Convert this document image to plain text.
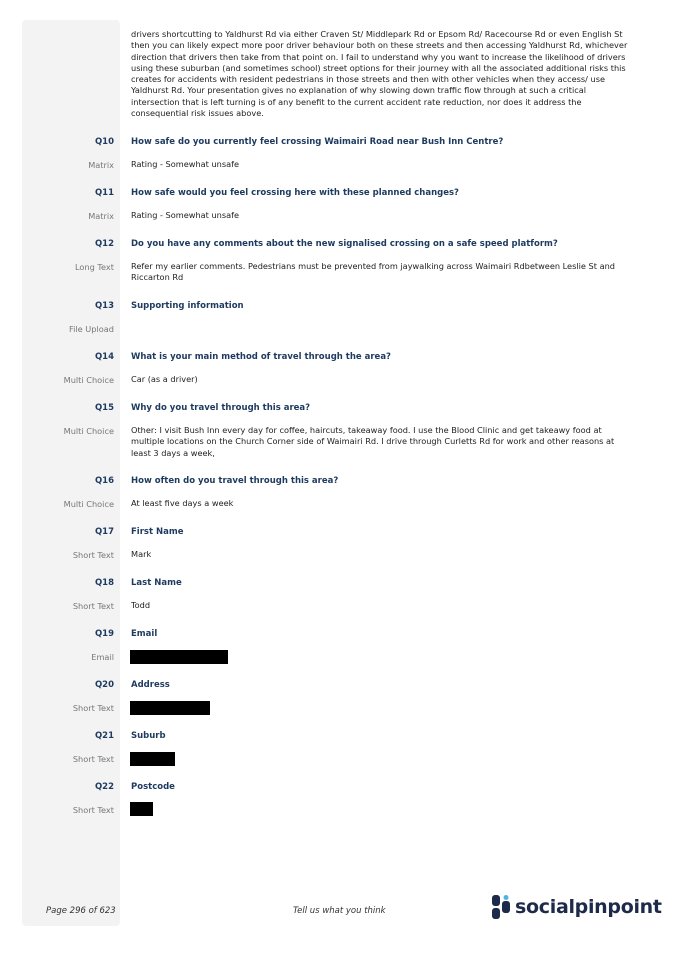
drivers shortcutting to Yaldhurst Rd via either Craven St/ Middlepark Rd or Epsom Rd/ Racecourse Rd or even English St then you can likely expect more poor driver behaviour both on these streets and then accessing Yaldhurst Rd, whichever direction that drivers then take from that point on. I fail to understand why you want to increase the likelihood of drivers using these suburban (and sometimes school) street options for their journey with all the associated additional risks this creates for accidents with resident pedestrians in those streets and then with other vehicles when they access/ use Yaldhurst Rd. Your presentation gives no explanation of why slowing down traffic flow through at such a critical intersection that is left turning is of any benefit to the current accident rate reduction, nor does it address the consequential risk issues above.
Q10 How safe do you currently feel crossing Waimairi Road near Bush Inn Centre?
Matrix Rating - Somewhat unsafe
Q11 How safe would you feel crossing here with these planned changes?
Matrix Rating - Somewhat unsafe
Q12 Do you have any comments about the new signalised crossing on a safe speed platform?
Long Text Refer my earlier comments. Pedestrians must be prevented from jaywalking across Waimairi Rdbetween Leslie St and Riccarton Rd
Q13 Supporting information
File Upload
Q14 What is your main method of travel through the area?
Multi Choice Car (as a driver)
Q15 Why do you travel through this area?
Multi Choice Other: I visit Bush Inn every day for coffee, haircuts, takeaway food. I use the Blood Clinic and get takeawy food at multiple locations on the Church Corner side of Waimairi Rd. I drive through Curletts Rd for work and other reasons at least 3 days a week,
Q16 How often do you travel through this area?
Multi Choice At least five days a week
Q17 First Name
Short Text Mark
Q18 Last Name
Short Text Todd
Q19 Email
Email
Q20 Address
Short Text
Q21 Suburb
Short Text
Q22 Postcode
Short Text
Page 296 of 623	Tell us what you think	socialpinpoint
